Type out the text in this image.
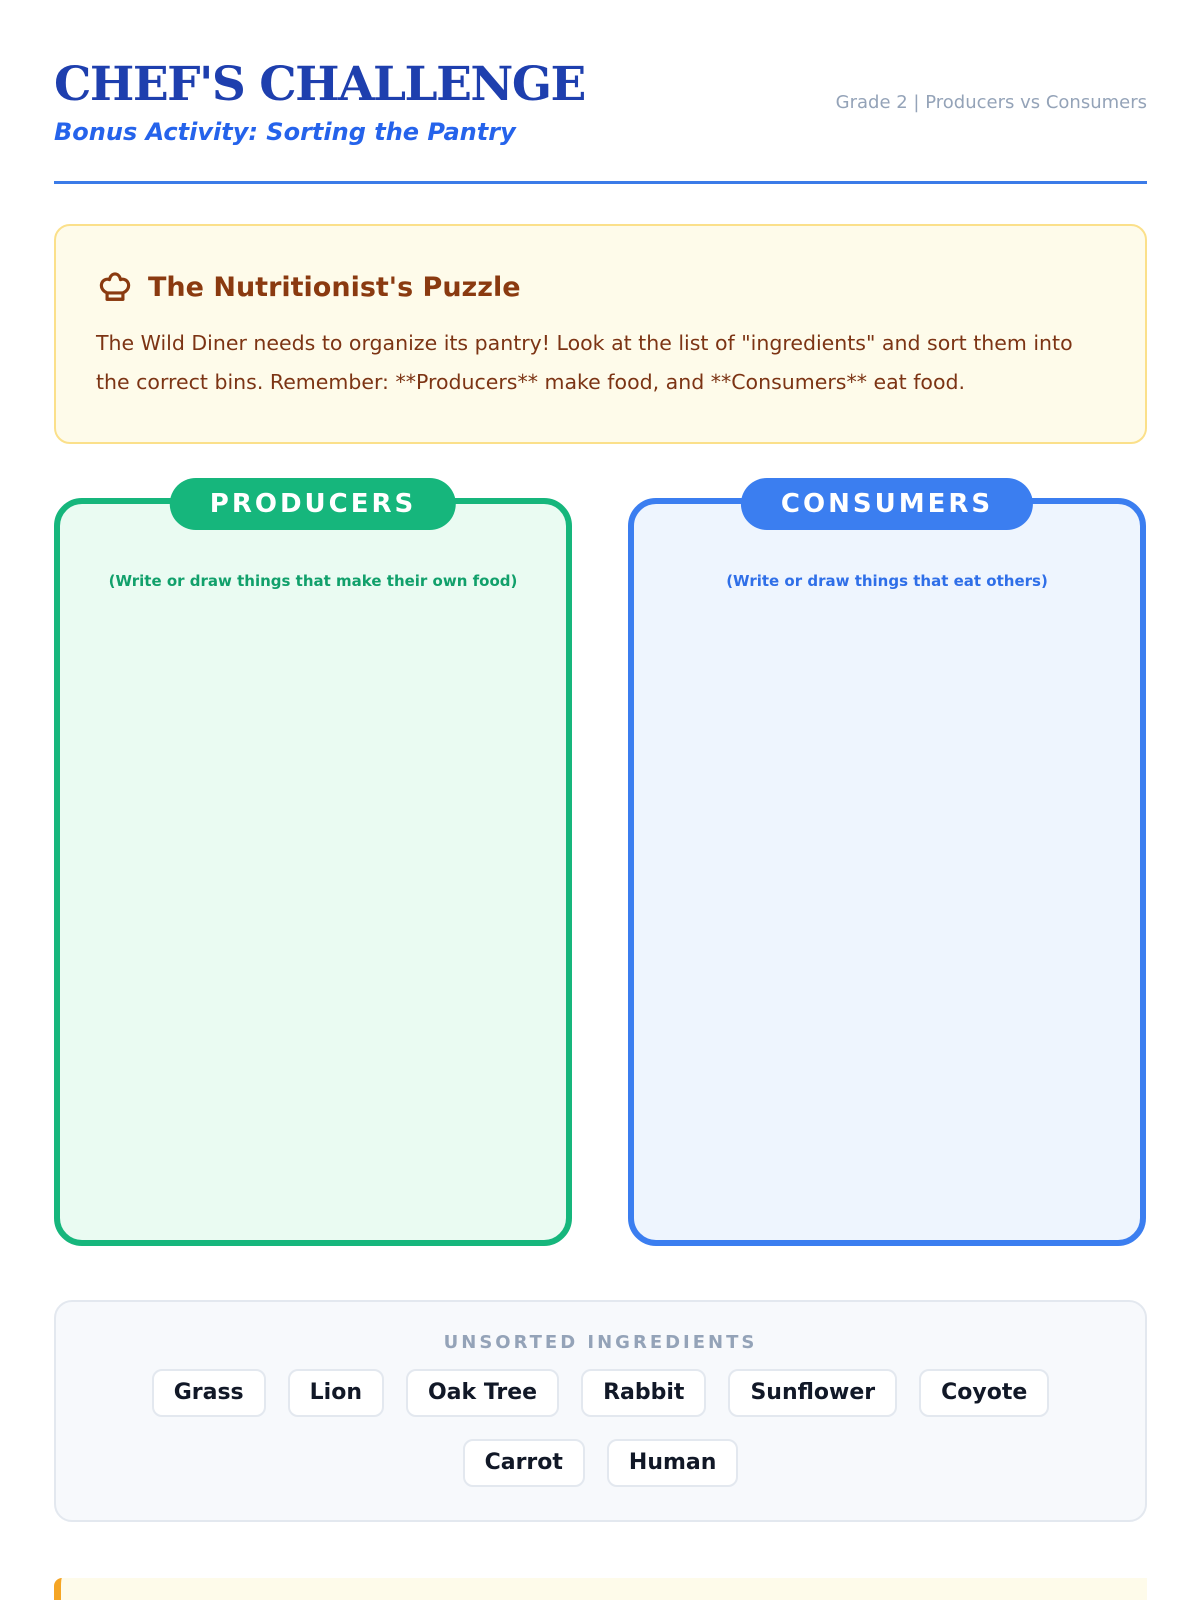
CHEF'S CHALLENGE
Bonus Activity: Sorting the Pantry
Grade 2 | Producers vs Consumers
The Nutritionist's Puzzle
The Wild Diner needs to organize its pantry! Look at the list of "ingredients" and sort them into the correct bins. Remember: **Producers** make food, and **Consumers** eat food.
PRODUCERS
(Write or draw things that make their own food)
CONSUMERS
(Write or draw things that eat others)
UNSORTED INGREDIENTS
Grass	Lion	Oak Tree	Rabbit	Sunflower	Coyote
Carrot	Human
